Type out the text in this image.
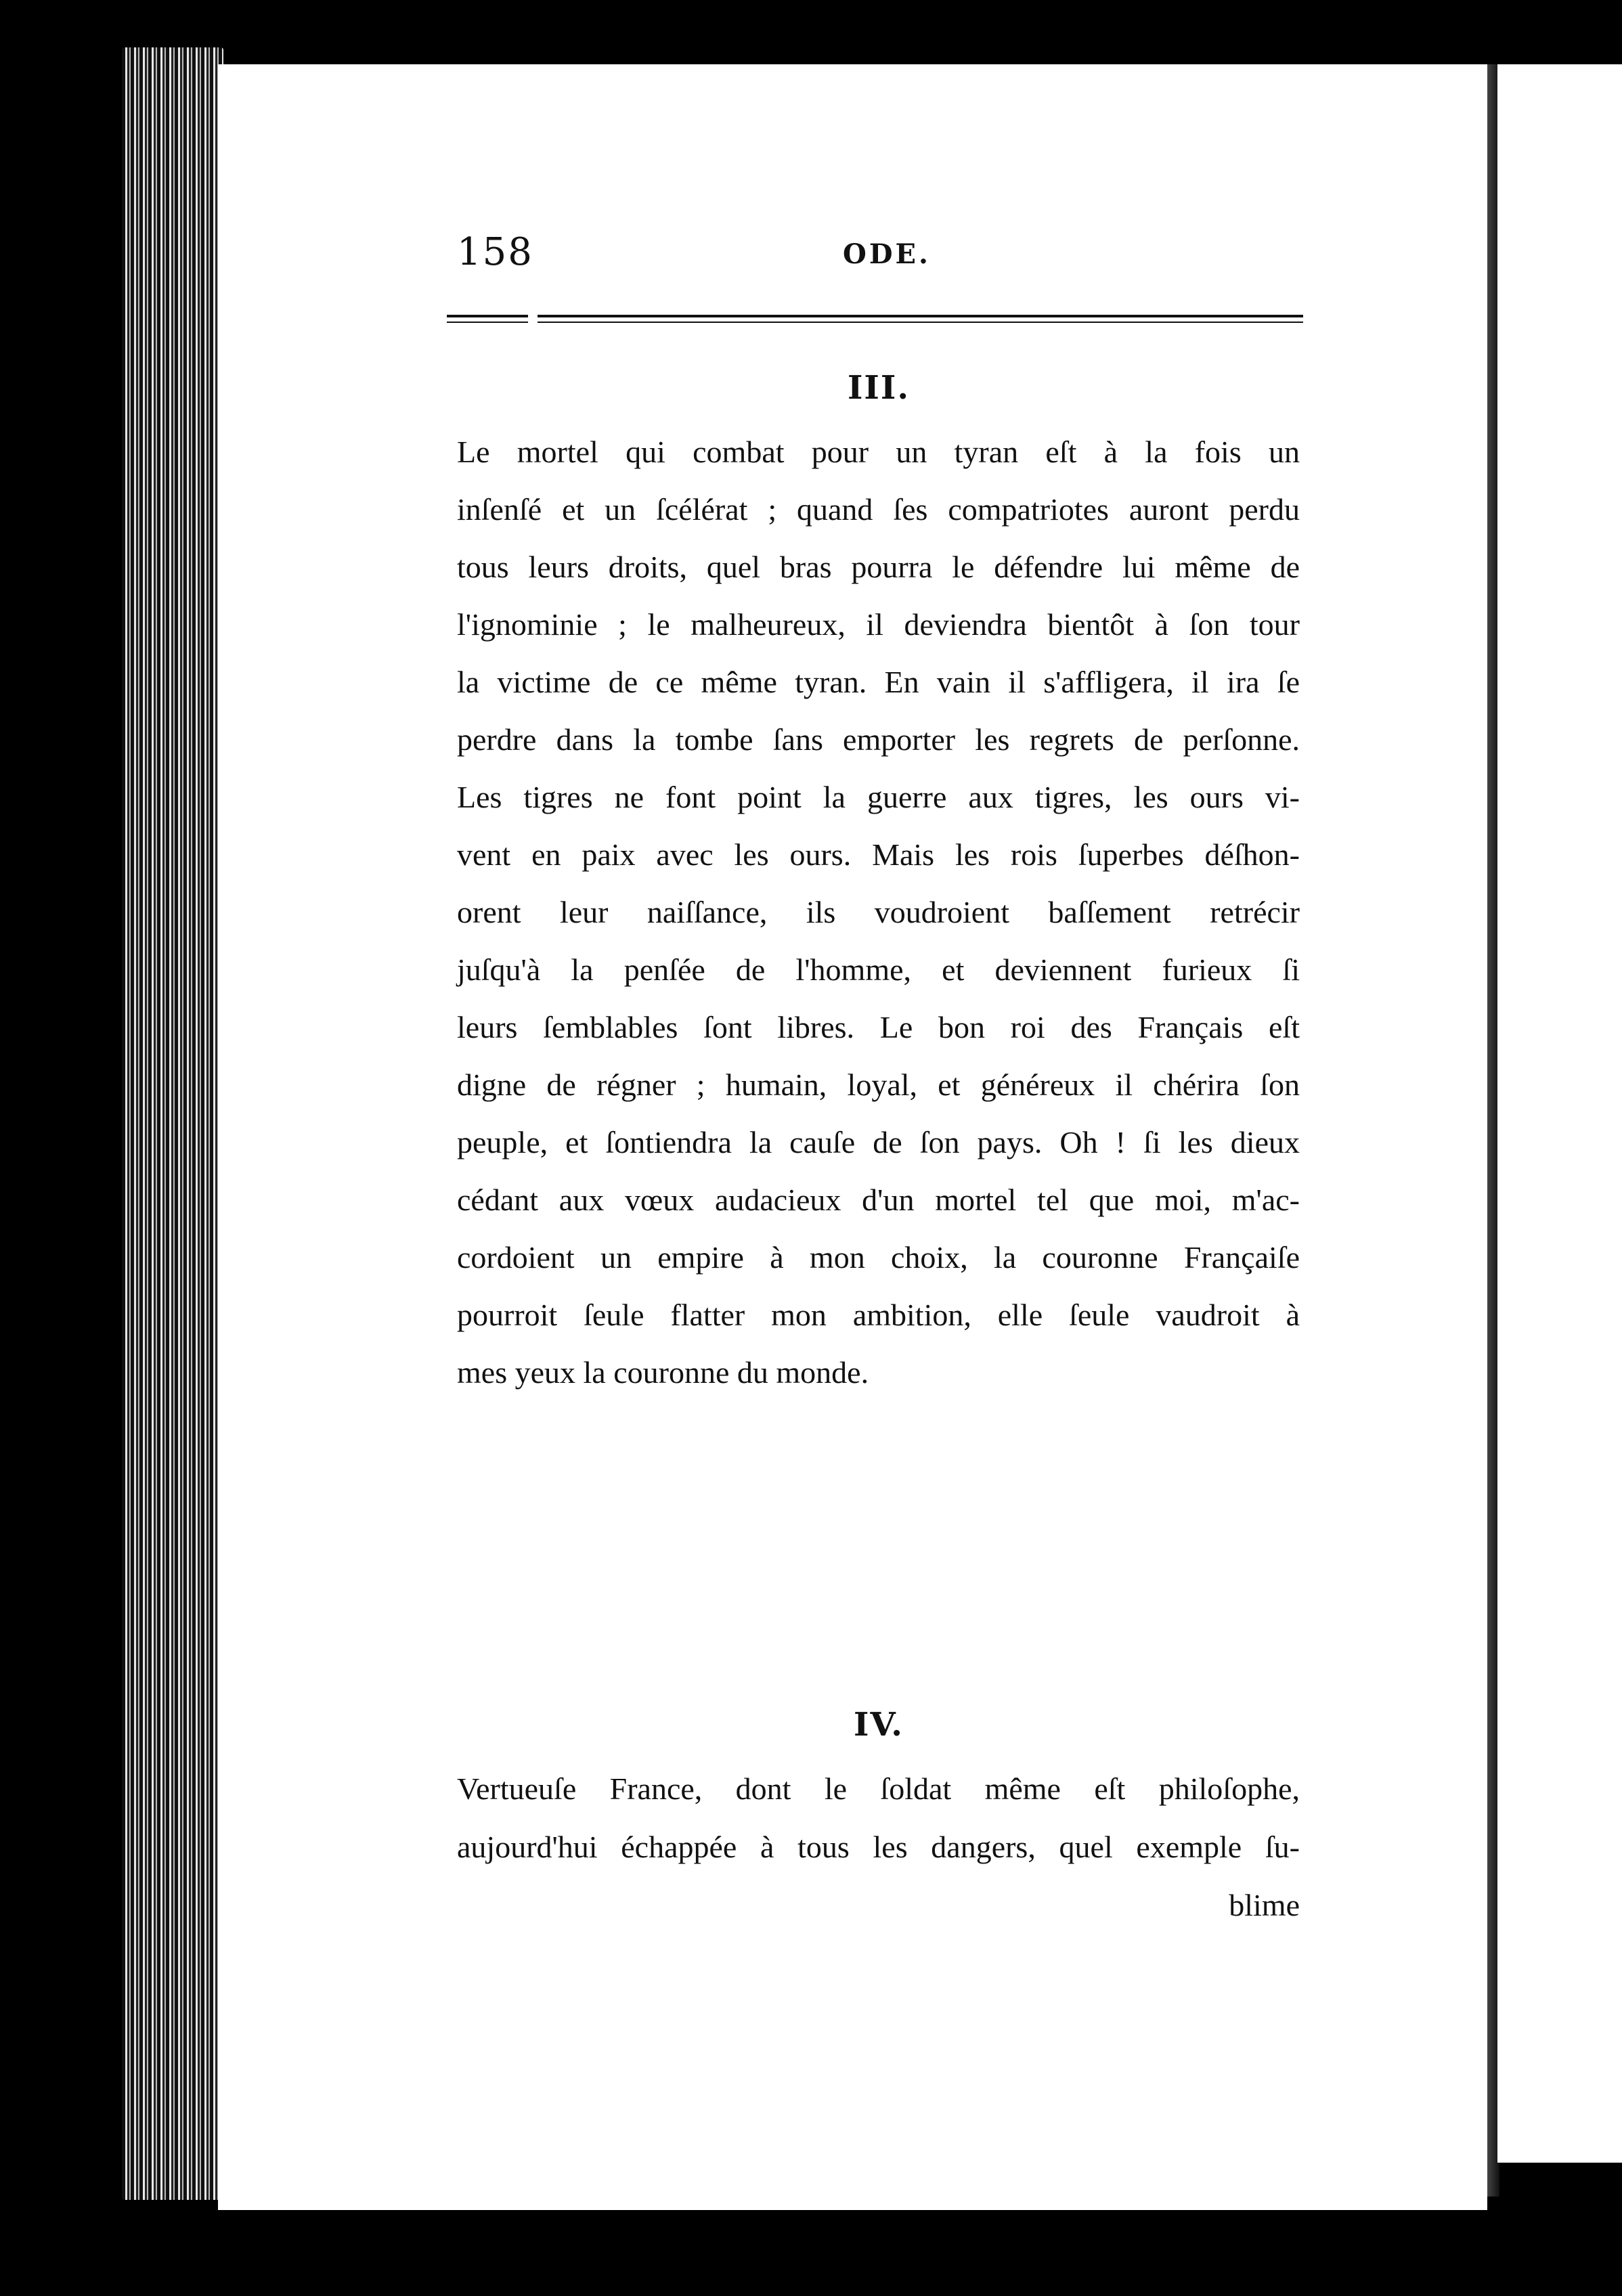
158	ODE.
III.
Le mortel qui combat pour un tyran eſt à la fois un
inſenſé et un ſcélérat ; quand ſes compatriotes auront perdu
tous leurs droits, quel bras pourra le défendre lui même de
l'ignominie ; le malheureux, il deviendra bientôt à ſon tour
la victime de ce même tyran. En vain il s'affligera, il ira ſe
perdre dans la tombe ſans emporter les regrets de perſonne.
Les tigres ne font point la guerre aux tigres, les ours vi-
vent en paix avec les ours. Mais les rois ſuperbes déſhon-
orent leur naiſſance, ils voudroient baſſement retrécir
juſqu'à la penſée de l'homme, et deviennent furieux ſi
leurs ſemblables ſont libres. Le bon roi des Français eſt
digne de régner ; humain, loyal, et généreux il chérira ſon
peuple, et ſontiendra la cauſe de ſon pays. Oh ! ſi les dieux
cédant aux vœux audacieux d'un mortel tel que moi, m'ac-
cordoient un empire à mon choix, la couronne Françaiſe
pourroit ſeule flatter mon ambition, elle ſeule vaudroit à
mes yeux la couronne du monde.
IV.
Vertueuſe France, dont le ſoldat même eſt philoſophe,
aujourd'hui échappée à tous les dangers, quel exemple ſu-
blime
